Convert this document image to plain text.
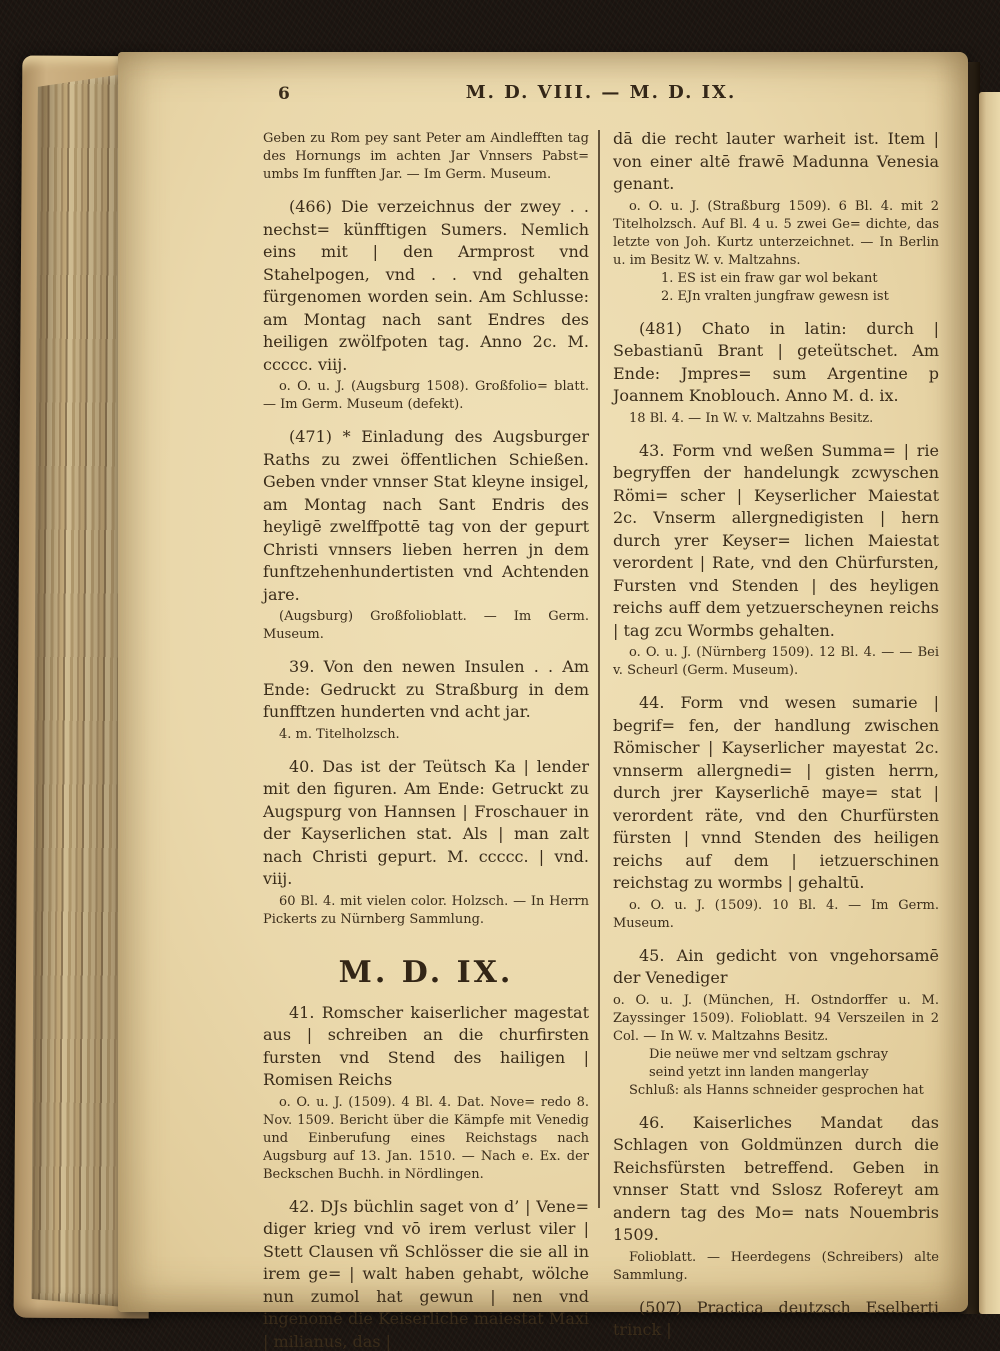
6	M. D. VIII. — M. D. IX.

Geben zu Rom pey sant Peter am Aindlefften tag des Hornungs im achten Jar Vnnsers Pabst= umbs Im funfften Jar. — Im Germ. Museum.

(466) Die verzeichnus der zwey . . nechst= künfftigen Sumers. Nemlich eins mit | den Armprost vnd Stahelpogen, vnd . . vnd gehalten fürgenomen worden sein. Am Schlusse: am Montag nach sant Endres des heiligen zwölfpoten tag. Anno 2c. M. ccccc. viij.

o. O. u. J. (Augsburg 1508). Großfolio= blatt. — Im Germ. Museum (defekt).

(471) * Einladung des Augsburger Raths zu zwei öffentlichen Schießen. Geben vnder vnnser Stat kleyne insigel, am Montag nach Sant Endris des heyligē zwelffpottē tag von der gepurt Christi vnnsers lieben herren jn dem funftzehenhundertisten vnd Achtenden jare.

(Augsburg) Großfolioblatt. — Im Germ. Museum.

39. Von den newen Insulen . . Am Ende: Gedruckt zu Straßburg in dem funfftzen hunderten vnd acht jar.

4. m. Titelholzsch.

40. Das ist der Teütsch Ka | lender mit den figuren. Am Ende: Getruckt zu Augspurg von Hannsen | Froschauer in der Kayserlichen stat. Als | man zalt nach Christi gepurt. M. ccccc. | vnd. viij.

60 Bl. 4. mit vielen color. Holzsch. — In Herrn Pickerts zu Nürnberg Sammlung.

M. D. IX.

41. Romscher kaiserlicher magestat aus | schreiben an die churfirsten fursten vnd Stend des hailigen | Romisen Reichs

o. O. u. J. (1509). 4 Bl. 4. Dat. Nove= redo 8. Nov. 1509. Bericht über die Kämpfe mit Venedig und Einberufung eines Reichstags nach Augsburg auf 13. Jan. 1510. — Nach e. Ex. der Beckschen Buchh. in Nördlingen.

42. DJs büchlin saget von d’ | Vene= diger krieg vnd vō irem verlust viler | Stett Clausen vñ Schlösser die sie all in irem ge= | walt haben gehabt, wölche nun zumol hat gewun | nen vnd ingenomē die Keiserliche maiestat Maxi | milianus, das |

dā die recht lauter warheit ist. Item | von einer altē frawē Madunna Venesia genant.

o. O. u. J. (Straßburg 1509). 6 Bl. 4. mit 2 Titelholzsch. Auf Bl. 4 u. 5 zwei Ge= dichte, das letzte von Joh. Kurtz unterzeichnet. — In Berlin u. im Besitz W. v. Maltzahns.

1. ES ist ein fraw gar wol bekant

2. EJn vralten jungfraw gewesn ist

(481) Chato in latin: durch | Sebastianū Brant | geteütschet. Am Ende: Jmpres= sum Argentine p Joannem Knoblouch. Anno M. d. ix.

18 Bl. 4. — In W. v. Maltzahns Besitz.

43. Form vnd weßen Summa= | rie begryffen der handelungk zcwyschen Römi= scher | Keyserlicher Maiestat 2c. Vnserm allergnedigisten | hern durch yrer Keyser= lichen Maiestat verordent | Rate, vnd den Chürfursten, Fursten vnd Stenden | des heyligen reichs auff dem yetzuerscheynen reichs | tag zcu Wormbs gehalten.

o. O. u. J. (Nürnberg 1509). 12 Bl. 4. — — Bei v. Scheurl (Germ. Museum).

44. Form vnd wesen sumarie | begrif= fen, der handlung zwischen Römischer | Kayserlicher mayestat 2c. vnnserm allergnedi= | gisten herrn, durch jrer Kayserlichē maye= stat | verordent räte, vnd den Churfürsten fürsten | vnnd Stenden des heiligen reichs auf dem | ietzuerschinen reichstag zu wormbs | gehaltū.

o. O. u. J. (1509). 10 Bl. 4. — Im Germ. Museum.

45. Ain gedicht von vngehorsamē der Venediger

o. O. u. J. (München, H. Ostndorffer u. M. Zayssinger 1509). Folioblatt. 94 Verszeilen in 2 Col. — In W. v. Maltzahns Besitz.

Die neüwe mer vnd seltzam gschray

seind yetzt inn landen mangerlay

Schluß: als Hanns schneider gesprochen hat

46. Kaiserliches Mandat das Schlagen von Goldmünzen durch die Reichsfürsten betreffend. Geben in vnnser Statt vnd Sslosz Rofereyt am andern tag des Mo= nats Nouembris 1509.

Folioblatt. — Heerdegens (Schreibers) alte Sammlung.

(507) Practica deutzsch Eselberti trinck |
